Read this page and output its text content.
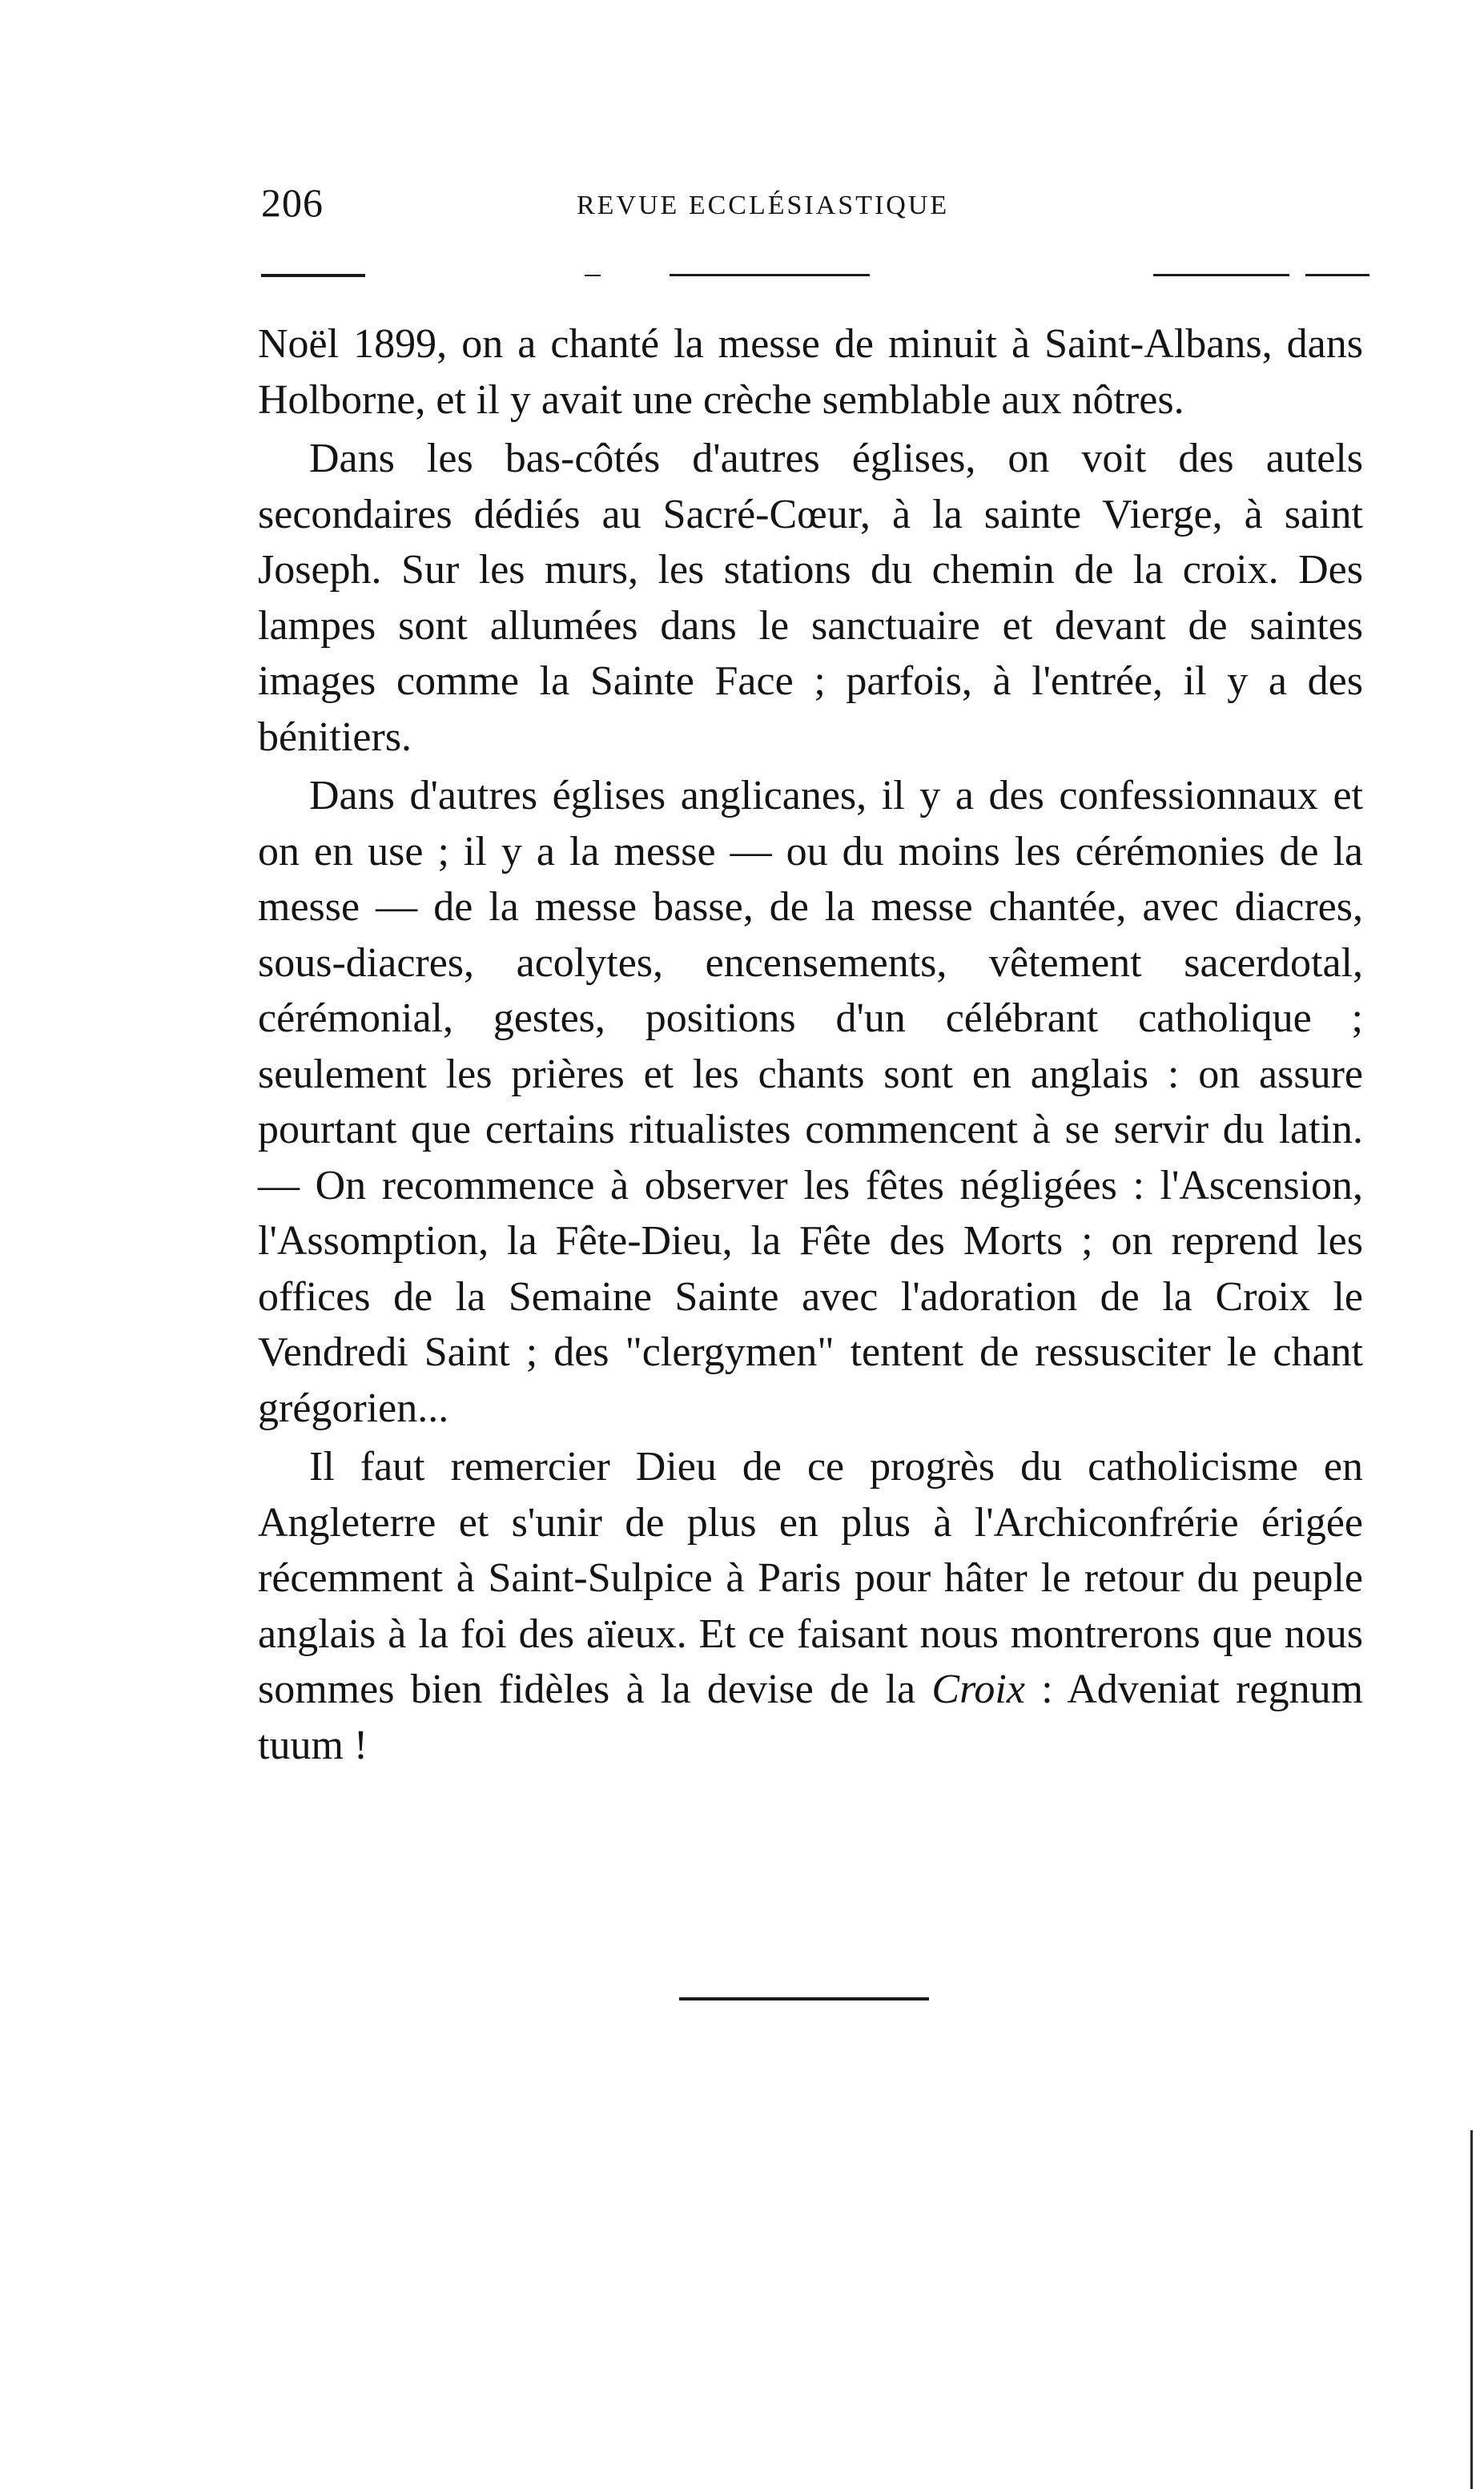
206	REVUE ECCLÉSIASTIQUE

Noël 1899, on a chanté la messe de minuit à Saint-Albans, dans Holborne, et il y avait une crèche semblable aux nôtres.

Dans les bas-côtés d'autres églises, on voit des autels secondaires dédiés au Sacré-Cœur, à la sainte Vierge, à saint Joseph. Sur les murs, les stations du chemin de la croix. Des lampes sont allumées dans le sanctuaire et devant de saintes images comme la Sainte Face ; parfois, à l'entrée, il y a des bénitiers.

Dans d'autres églises anglicanes, il y a des confessionnaux et on en use ; il y a la messe — ou du moins les cérémonies de la messe — de la messe basse, de la messe chantée, avec diacres, sous-diacres, acolytes, encensements, vêtement sacerdotal, cérémonial, gestes, positions d'un célébrant catholique ; seulement les prières et les chants sont en anglais : on assure pourtant que certains ritualistes commencent à se servir du latin. — On recommence à observer les fêtes négligées : l'Ascension, l'Assomption, la Fête-Dieu, la Fête des Morts ; on reprend les offices de la Semaine Sainte avec l'adoration de la Croix le Vendredi Saint ; des "clergymen" tentent de ressusciter le chant grégorien...

Il faut remercier Dieu de ce progrès du catholicisme en Angleterre et s'unir de plus en plus à l'Archiconfrérie érigée récemment à Saint-Sulpice à Paris pour hâter le retour du peuple anglais à la foi des aïeux. Et ce faisant nous montrerons que nous sommes bien fidèles à la devise de la Croix : Adveniat regnum tuum !
